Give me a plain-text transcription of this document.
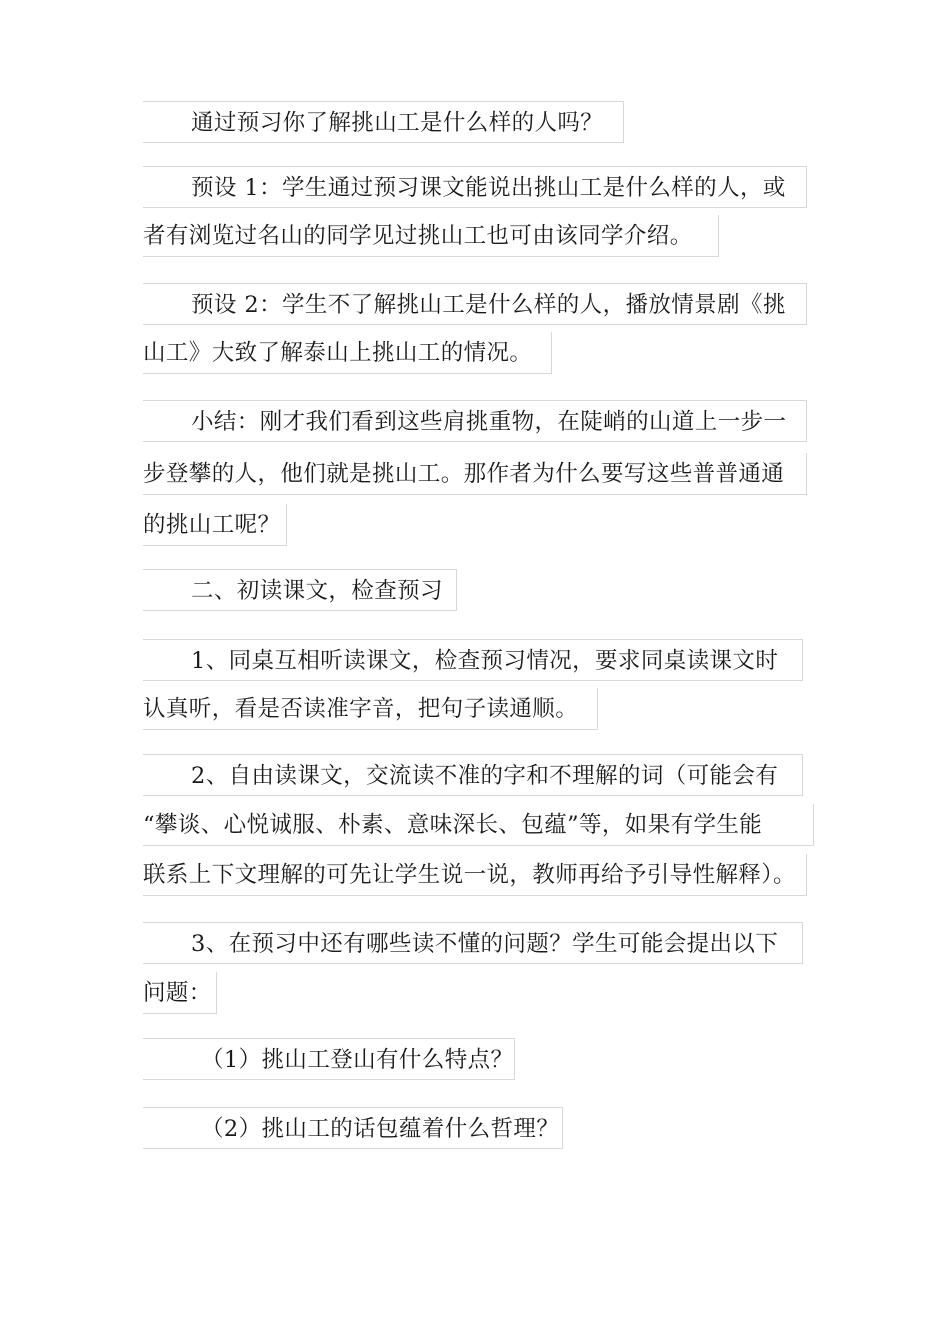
通过预习你了解挑山工是什么样的人吗？
预设 1：学生通过预习课文能说出挑山工是什么样的人，或
者有浏览过名山的同学见过挑山工也可由该同学介绍。
预设 2：学生不了解挑山工是什么样的人，播放情景剧《挑
山工》大致了解泰山上挑山工的情况。
小结：刚才我们看到这些肩挑重物，在陡峭的山道上一步一
步登攀的人，他们就是挑山工。那作者为什么要写这些普普通通
的挑山工呢？
二、初读课文，检查预习
1、同桌互相听读课文，检查预习情况，要求同桌读课文时
认真听，看是否读准字音，把句子读通顺。
2、自由读课文，交流读不准的字和不理解的词（可能会有
“攀谈、心悦诚服、朴素、意味深长、包蕴”等，如果有学生能
联系上下文理解的可先让学生说一说，教师再给予引导性解释）。
3、在预习中还有哪些读不懂的问题？学生可能会提出以下
问题：
（1）挑山工登山有什么特点？
（2）挑山工的话包蕴着什么哲理？
